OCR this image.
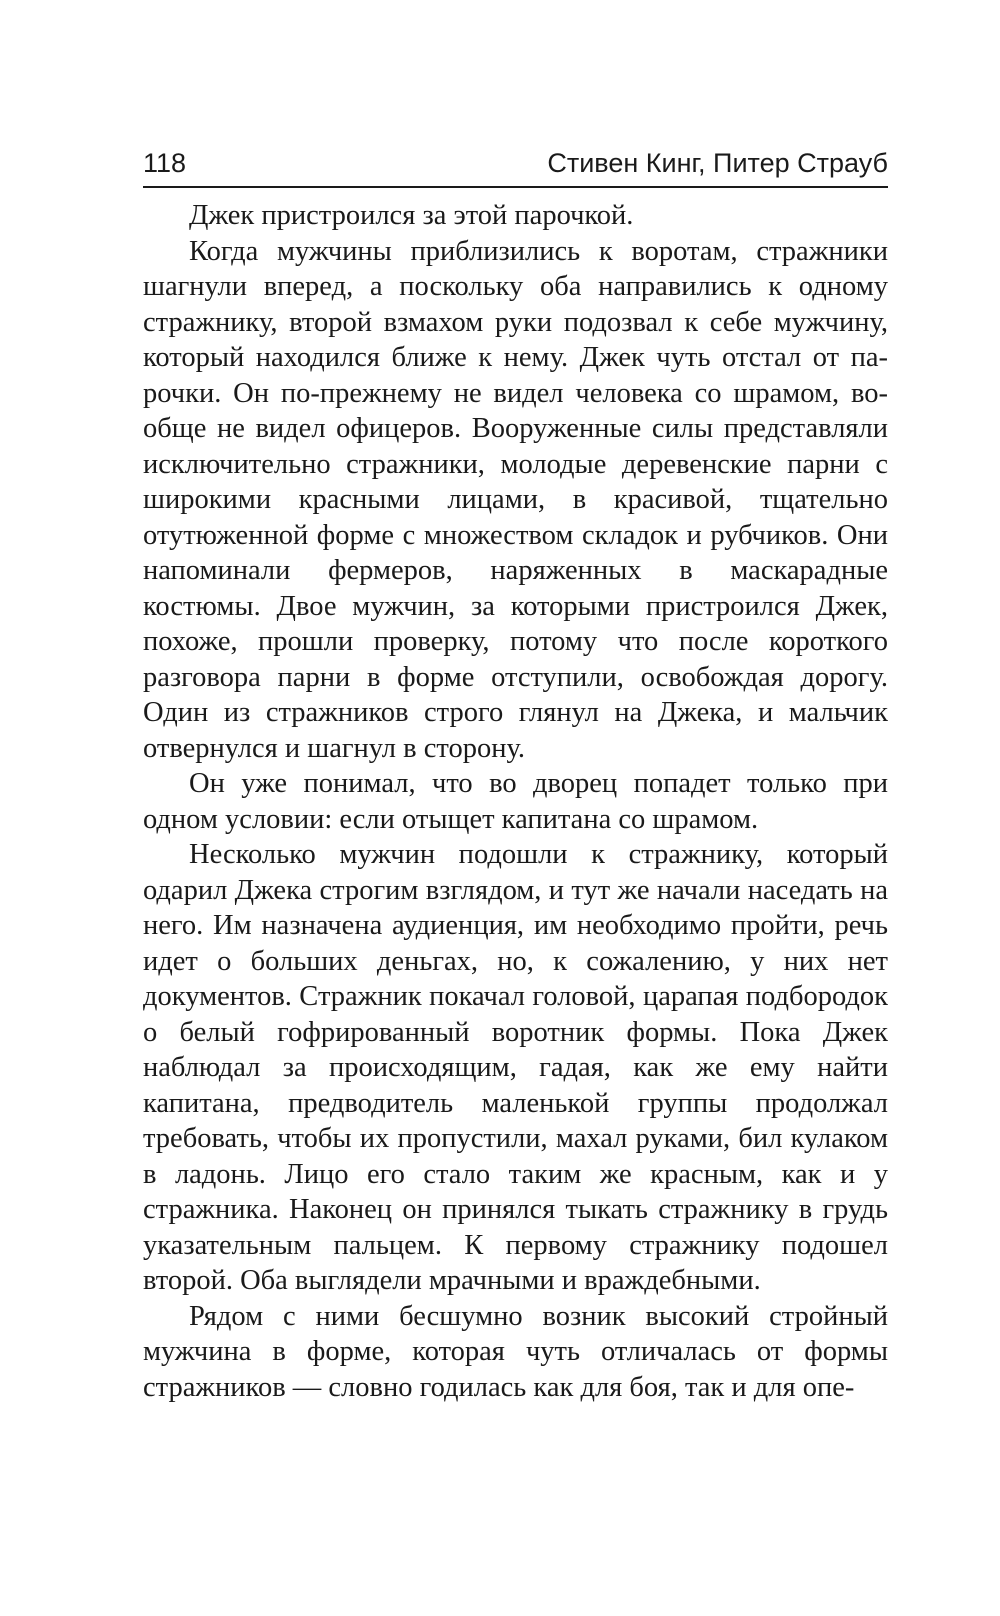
118	Стивен Кинг, Питер Страуб

Джек пристроился за этой парочкой.

Когда мужчины приблизились к воротам, стражники шагнули вперед, а поскольку оба направились к одному стражнику, второй взмахом руки подозвал к себе мужчину, который находился ближе к нему. Джек чуть отстал от парочки. Он по-прежнему не видел человека со шрамом, вообще не видел офицеров. Вооруженные силы представляли исключительно стражники, молодые деревенские парни с широкими красными лицами, в красивой, тщательно отутюженной форме с множеством складок и рубчиков. Они напоминали фермеров, наряженных в маскарадные костюмы. Двое мужчин, за которыми пристроился Джек, похоже, прошли проверку, потому что после короткого разговора парни в форме отступили, освобождая дорогу. Один из стражников строго глянул на Джека, и мальчик отвернулся и шагнул в сторону.

Он уже понимал, что во дворец попадет только при одном условии: если отыщет капитана со шрамом.

Несколько мужчин подошли к стражнику, который одарил Джека строгим взглядом, и тут же начали наседать на него. Им назначена аудиенция, им необходимо пройти, речь идет о больших деньгах, но, к сожалению, у них нет документов. Стражник покачал головой, царапая подбородок о белый гофрированный воротник формы. Пока Джек наблюдал за происходящим, гадая, как же ему найти капитана, предводитель маленькой группы продолжал требовать, чтобы их пропустили, махал руками, бил кулаком в ладонь. Лицо его стало таким же красным, как и у стражника. Наконец он принялся тыкать стражнику в грудь указательным пальцем. К первому стражнику подошел второй. Оба выглядели мрачными и враждебными.

Рядом с ними бесшумно возник высокий стройный мужчина в форме, которая чуть отличалась от формы стражников — словно годилась как для боя, так и для опе-
